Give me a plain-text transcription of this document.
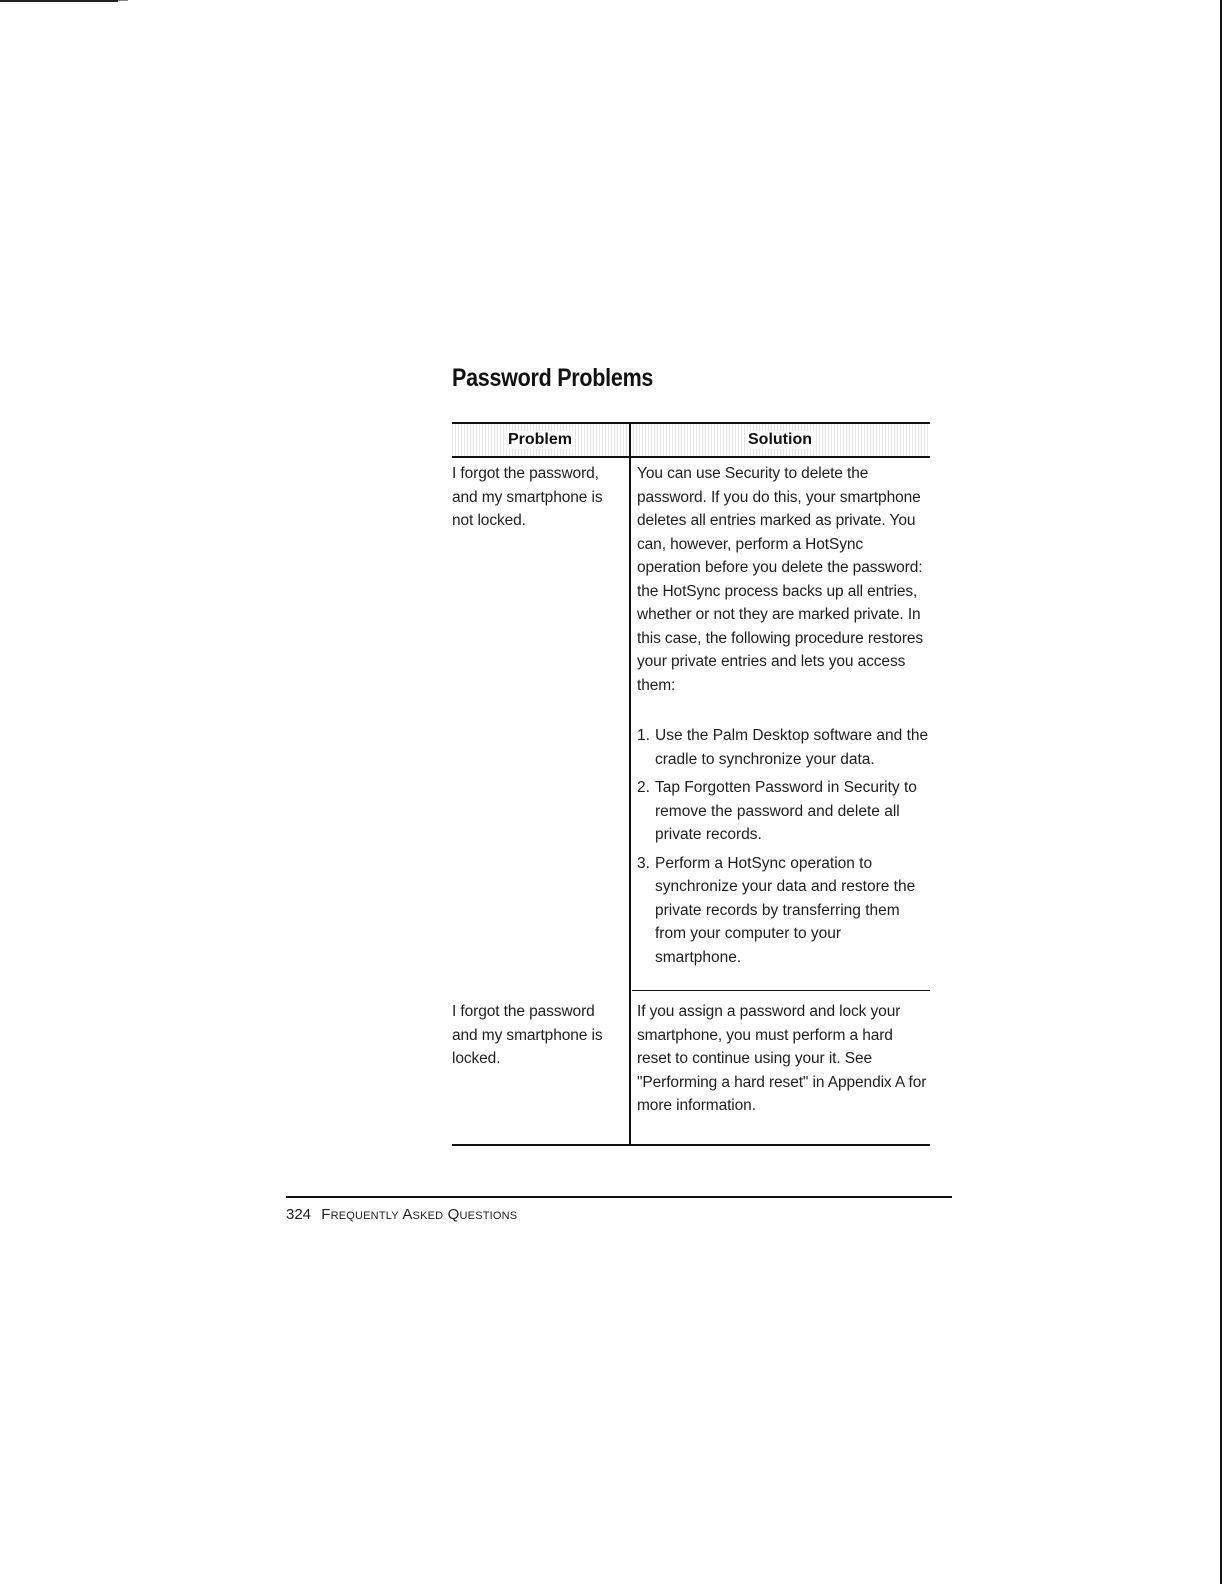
Password Problems
Problem	Solution
I forgot the password, and my smartphone is not locked.
You can use Security to delete the password. If you do this, your smartphone deletes all entries marked as private. You can, however, perform a HotSync operation before you delete the password: the HotSync process backs up all entries, whether or not they are marked private. In this case, the following procedure restores your private entries and lets you access them:
1. Use the Palm Desktop software and the cradle to synchronize your data.
2. Tap Forgotten Password in Security to remove the password and delete all private records.
3. Perform a HotSync operation to synchronize your data and restore the private records by transferring them from your computer to your smartphone.
I forgot the password and my smartphone is locked.
If you assign a password and lock your smartphone, you must perform a hard reset to continue using your it. See "Performing a hard reset" in Appendix A for more information.
324 Frequently Asked Questions
